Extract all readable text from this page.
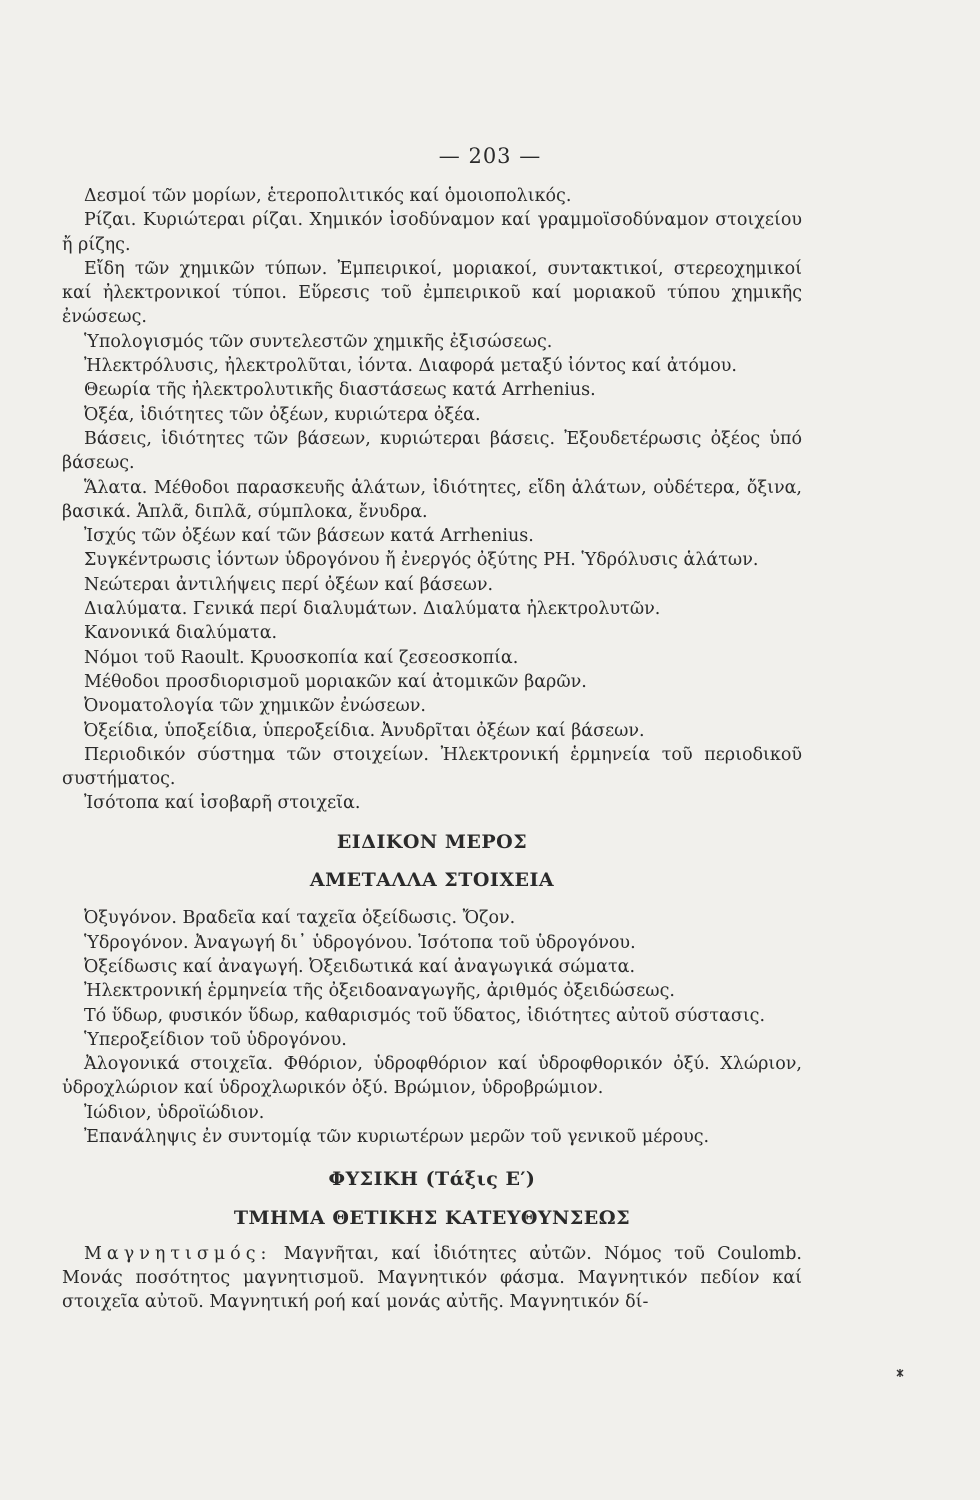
— 203 —

Δεσμοί τῶν μορίων, ἑτεροπολιτικός καί ὁμοιοπολικός.

Ρίζαι. Κυριώτεραι ρίζαι. Χημικόν ἰσοδύναμον καί γραμμοϊσοδύναμον στοιχείου ἤ ρίζης.

Εἴδη τῶν χημικῶν τύπων. Ἐμπειρικοί, μοριακοί, συντακτικοί, στερεοχημικοί καί ἠλεκτρονικοί τύποι. Εὕρεσις τοῦ ἐμπειρικοῦ καί μοριακοῦ τύπου χημικῆς ἐνώσεως.

Ὑπολογισμός τῶν συντελεστῶν χημικῆς ἐξισώσεως.

Ἠλεκτρόλυσις, ἠλεκτρολῦται, ἰόντα. Διαφορά μεταξύ ἰόντος καί ἀτόμου.

Θεωρία τῆς ἠλεκτρολυτικῆς διαστάσεως κατά Arrhenius.

Ὀξέα, ἰδιότητες τῶν ὀξέων, κυριώτερα ὀξέα.

Βάσεις, ἰδιότητες τῶν βάσεων, κυριώτεραι βάσεις. Ἐξουδετέρωσις ὀξέος ὑπό βάσεως.

Ἅλατα. Μέθοδοι παρασκευῆς ἁλάτων, ἰδιότητες, εἴδη ἁλάτων, οὐδέτερα, ὄξινα, βασικά. Ἁπλᾶ, διπλᾶ, σύμπλοκα, ἔνυδρα.

Ἰσχύς τῶν ὀξέων καί τῶν βάσεων κατά Arrhenius.

Συγκέντρωσις ἰόντων ὑδρογόνου ἤ ἐνεργός ὀξύτης PH. Ὑδρόλυσις ἁλάτων.

Νεώτεραι ἀντιλήψεις περί ὀξέων καί βάσεων.

Διαλύματα. Γενικά περί διαλυμάτων. Διαλύματα ἠλεκτρολυτῶν.

Κανονικά διαλύματα.

Νόμοι τοῦ Raoult. Κρυοσκοπία καί ζεσεοσκοπία.

Μέθοδοι προσδιορισμοῦ μοριακῶν καί ἀτομικῶν βαρῶν.

Ὀνοματολογία τῶν χημικῶν ἐνώσεων.

Ὀξείδια, ὑποξείδια, ὑπεροξείδια. Ἀνυδρῖται ὀξέων καί βάσεων.

Περιοδικόν σύστημα τῶν στοιχείων. Ἠλεκτρονική ἑρμηνεία τοῦ περιοδικοῦ συστήματος.

Ἰσότοπα καί ἰσοβαρῆ στοιχεῖα.

ΕΙΔΙΚΟΝ ΜΕΡΟΣ
ΑΜΕΤΑΛΛΑ ΣΤΟΙΧΕΙΑ

Ὀξυγόνον. Βραδεῖα καί ταχεῖα ὀξείδωσις. Ὄζον.

Ὑδρογόνον. Ἀναγωγή δι᾽ ὑδρογόνου. Ἰσότοπα τοῦ ὑδρογόνου.

Ὀξείδωσις καί ἀναγωγή. Ὀξειδωτικά καί ἀναγωγικά σώματα.

Ἠλεκτρονική ἑρμηνεία τῆς ὀξειδοαναγωγῆς, ἀριθμός ὀξειδώσεως.

Τό ὕδωρ, φυσικόν ὕδωρ, καθαρισμός τοῦ ὕδατος, ἰδιότητες αὐτοῦ σύστασις.

Ὑπεροξείδιον τοῦ ὑδρογόνου.

Ἀλογονικά στοιχεῖα. Φθόριον, ὑδροφθόριον καί ὑδροφθορικόν ὀξύ. Χλώριον, ὑδροχλώριον καί ὑδροχλωρικόν ὀξύ. Βρώμιον, ὑδροβρώμιον.

Ἰώδιον, ὑδροϊώδιον.

Ἐπανάληψις ἐν συντομίᾳ τῶν κυριωτέρων μερῶν τοῦ γενικοῦ μέρους.

ΦΥΣΙΚΗ (Τάξις Ε′)
ΤΜΗΜΑ ΘΕΤΙΚΗΣ ΚΑΤΕΥΘΥΝΣΕΩΣ

Μαγνητισμός: Μαγνῆται, καί ἰδιότητες αὐτῶν. Νόμος τοῦ Coulomb. Μονάς ποσότητος μαγνητισμοῦ. Μαγνητικόν φάσμα. Μαγνητικόν πεδίον καί στοιχεῖα αὐτοῦ. Μαγνητική ροή καί μονάς αὐτῆς. Μαγνητικόν δί-
